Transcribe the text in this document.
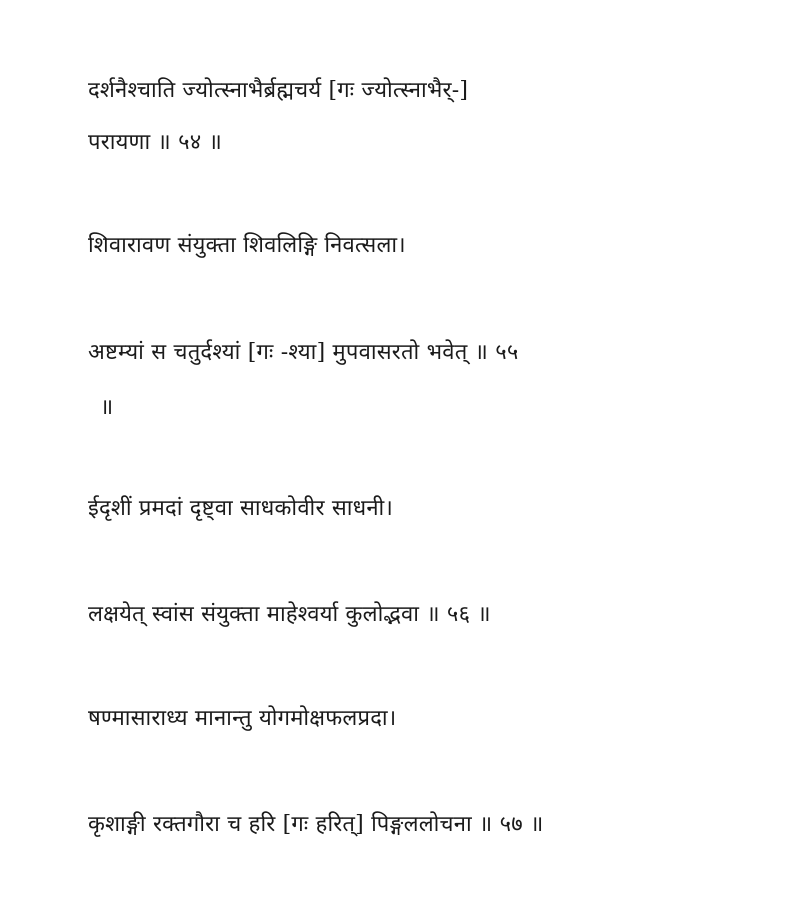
दर्शनैश्चाति ज्योत्स्नाभैर्ब्रह्मचर्य [गः ज्योत्स्नाभैर्-]
परायणा ॥ ५४ ॥
शिवारावण संयुक्ता शिवलिङ्गि निवत्सला।
अष्टम्यां स चतुर्दश्यां [गः -श्या] मुपवासरतो भवेत् ॥ ५५
॥
ईदृशीं प्रमदां दृष्ट्वा साधकोवीर साधनी।
लक्षयेत् स्वांस संयुक्ता माहेश्वर्या कुलोद्भवा ॥ ५६ ॥
षण्मासाराध्य मानान्तु योगमोक्षफलप्रदा।
कृशाङ्गी रक्तगौरा च हरि [गः हरित्] पिङ्गललोचना ॥ ५७ ॥
